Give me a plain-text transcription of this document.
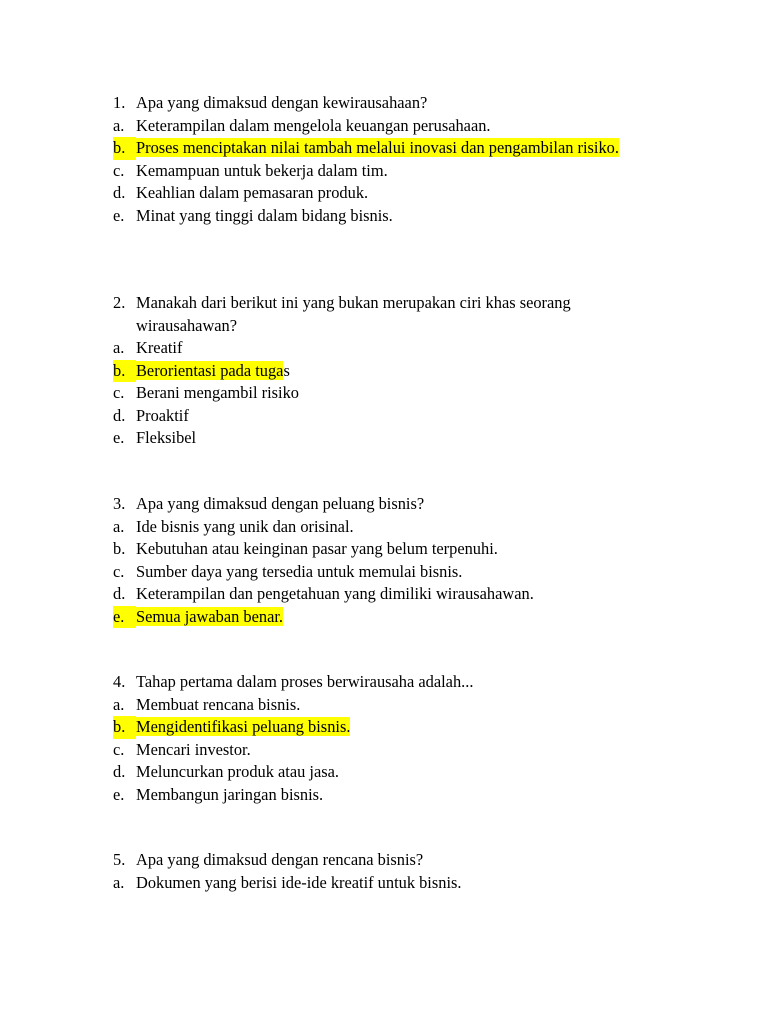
1. Apa yang dimaksud dengan kewirausahaan?
a. Keterampilan dalam mengelola keuangan perusahaan.
b. Proses menciptakan nilai tambah melalui inovasi dan pengambilan risiko.
c. Kemampuan untuk bekerja dalam tim.
d. Keahlian dalam pemasaran produk.
e. Minat yang tinggi dalam bidang bisnis.
2. Manakah dari berikut ini yang bukan merupakan ciri khas seorang wirausahawan?
a. Kreatif
b. Berorientasi pada tugas
c. Berani mengambil risiko
d. Proaktif
e. Fleksibel
3. Apa yang dimaksud dengan peluang bisnis?
a. Ide bisnis yang unik dan orisinal.
b. Kebutuhan atau keinginan pasar yang belum terpenuhi.
c. Sumber daya yang tersedia untuk memulai bisnis.
d. Keterampilan dan pengetahuan yang dimiliki wirausahawan.
e. Semua jawaban benar.
4. Tahap pertama dalam proses berwirausaha adalah...
a. Membuat rencana bisnis.
b. Mengidentifikasi peluang bisnis.
c. Mencari investor.
d. Meluncurkan produk atau jasa.
e. Membangun jaringan bisnis.
5. Apa yang dimaksud dengan rencana bisnis?
a. Dokumen yang berisi ide-ide kreatif untuk bisnis.
